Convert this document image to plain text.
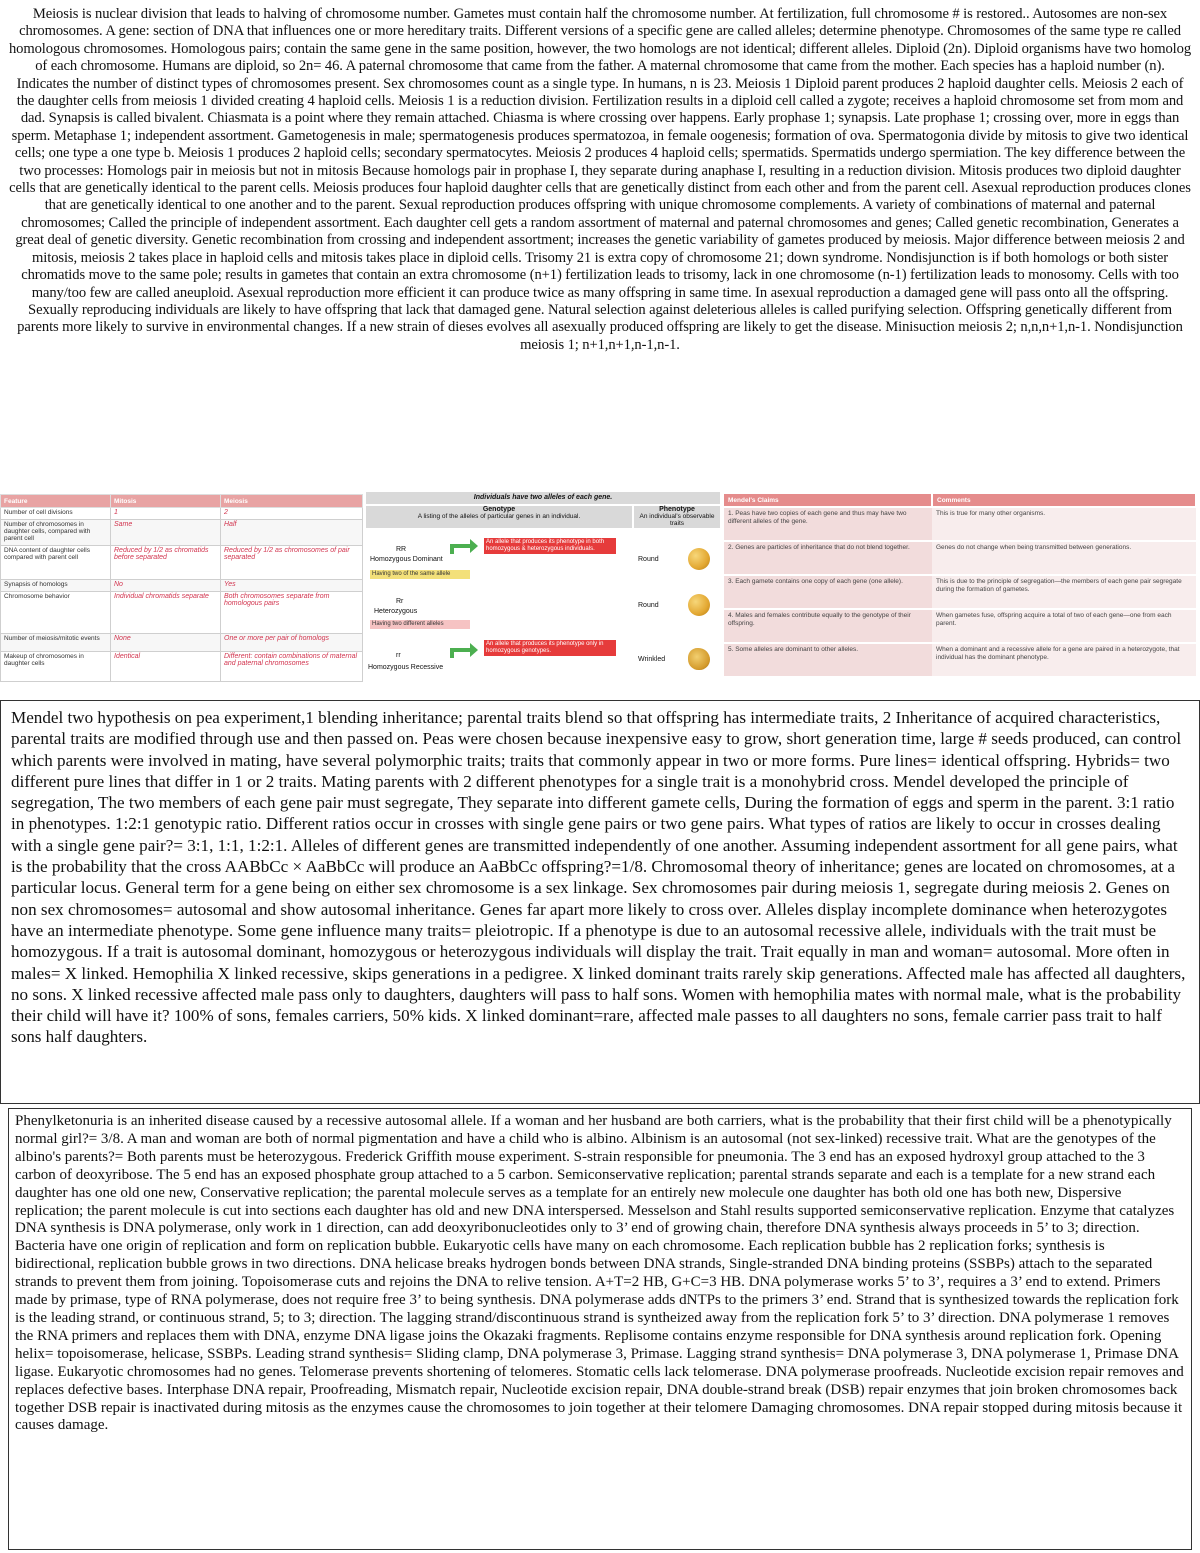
Meiosis is nuclear division that leads to halving of chromosome number. Gametes must contain half the chromosome number. At fertilization, full chromosome # is restored.. Autosomes are non-sex chromosomes. A gene: section of DNA that influences one or more hereditary traits. Different versions of a specific gene are called alleles; determine phenotype. Chromosomes of the same type re called homologous chromosomes. Homologous pairs; contain the same gene in the same position, however, the two homologs are not identical; different alleles. Diploid (2n). Diploid organisms have two homolog of each chromosome. Humans are diploid, so 2n= 46. A paternal chromosome that came from the father. A maternal chromosome that came from the mother. Each species has a haploid number (n). Indicates the number of distinct types of chromosomes present. Sex chromosomes count as a single type. In humans, n is 23. Meiosis 1 Diploid parent produces 2 haploid daughter cells. Meiosis 2 each of the daughter cells from meiosis 1 divided creating 4 haploid cells. Meiosis 1 is a reduction division. Fertilization results in a diploid cell called a zygote; receives a haploid chromosome set from mom and dad. Synapsis is called bivalent. Chiasmata is a point where they remain attached. Chiasma is where crossing over happens. Early prophase 1; synapsis. Late prophase 1; crossing over, more in eggs than sperm. Metaphase 1; independent assortment. Gametogenesis in male; spermatogenesis produces spermatozoa, in female oogenesis; formation of ova. Spermatogonia divide by mitosis to give two identical cells; one type a one type b. Meiosis 1 produces 2 haploid cells; secondary spermatocytes. Meiosis 2 produces 4 haploid cells; spermatids. Spermatids undergo spermiation. The key difference between the two processes: Homologs pair in meiosis but not in mitosis Because homologs pair in prophase I, they separate during anaphase I, resulting in a reduction division. Mitosis produces two diploid daughter cells that are genetically identical to the parent cells. Meiosis produces four haploid daughter cells that are genetically distinct from each other and from the parent cell. Asexual reproduction produces clones that are genetically identical to one another and to the parent. Sexual reproduction produces offspring with unique chromosome complements. A variety of combinations of maternal and paternal chromosomes; Called the principle of independent assortment. Each daughter cell gets a random assortment of maternal and paternal chromosomes and genes; Called genetic recombination, Generates a great deal of genetic diversity. Genetic recombination from crossing and independent assortment; increases the genetic variability of gametes produced by meiosis. Major difference between meiosis 2 and mitosis, meiosis 2 takes place in haploid cells and mitosis takes place in diploid cells. Trisomy 21 is extra copy of chromosome 21; down syndrome. Nondisjunction is if both homologs or both sister chromatids move to the same pole; results in gametes that contain an extra chromosome (n+1) fertilization leads to trisomy, lack in one chromosome (n-1) fertilization leads to monosomy. Cells with too many/too few are called aneuploid. Asexual reproduction more efficient it can produce twice as many offspring in same time. In asexual reproduction a damaged gene will pass onto all the offspring. Sexually reproducing individuals are likely to have offspring that lack that damaged gene. Natural selection against deleterious alleles is called purifying selection. Offspring genetically different from parents more likely to survive in environmental changes. If a new strain of dieses evolves all asexually produced offspring are likely to get the disease. Minisuction meiosis 2; n,n,n+1,n-1. Nondisjunction meiosis 1; n+1,n+1,n-1,n-1.

Feature	Mitosis	Meiosis
Number of cell divisions	1	2
Number of chromosomes in daughter cells, compared with parent cell	Same	Half
DNA content of daughter cells compared with parent cell	Reduced by 1/2 as chromatids before separated	Reduced by 1/2 as chromosomes of pair separated
Synapsis of homologs	No	Yes
Chromosome behavior	Individual chromatids separate	Both chromosomes separate from homologous pairs
Number of meiosis/mitotic events	None	One or more per pair of homologs
Makeup of chromosomes in daughter cells	Identical	Different: contain combinations of maternal and paternal chromosomes
Individuals have two alleles of each gene.
Genotype
A listing of the alleles of particular genes in an individual.
Phenotype
An individual's observable traits
RR
Homozygous Dominant
An allele that produces its phenotype in both homozygous & heterozygous individuals.
Having two of the same allele
Round
Rr
Heterozygous
Having two different alleles
Round
rr
Homozygous Recessive
An allele that produces its phenotype only in homozygous genotypes.
Wrinkled
Mendel's Claims	Comments
1. Peas have two copies of each gene and thus may have two different alleles of the gene.	This is true for many other organisms.
2. Genes are particles of inheritance that do not blend together.	Genes do not change when being transmitted between generations.
3. Each gamete contains one copy of each gene (one allele).	This is due to the principle of segregation—the members of each gene pair segregate during the formation of gametes.
4. Males and females contribute equally to the genotype of their offspring.	When gametes fuse, offspring acquire a total of two of each gene—one from each parent.
5. Some alleles are dominant to other alleles.	When a dominant and a recessive allele for a gene are paired in a heterozygote, that individual has the dominant phenotype.

Mendel two hypothesis on pea experiment,1 blending inheritance; parental traits blend so that offspring has intermediate traits, 2 Inheritance of acquired characteristics, parental traits are modified through use and then passed on. Peas were chosen because inexpensive easy to grow, short generation time, large # seeds produced, can control which parents were involved in mating, have several polymorphic traits; traits that commonly appear in two or more forms. Pure lines= identical offspring. Hybrids= two different pure lines that differ in 1 or 2 traits. Mating parents with 2 different phenotypes for a single trait is a monohybrid cross. Mendel developed the principle of segregation, The two members of each gene pair must segregate, They separate into different gamete cells, During the formation of eggs and sperm in the parent. 3:1 ratio in phenotypes. 1:2:1 genotypic ratio. Different ratios occur in crosses with single gene pairs or two gene pairs. What types of ratios are likely to occur in crosses dealing with a single gene pair?= 3:1, 1:1, 1:2:1. Alleles of different genes are transmitted independently of one another. Assuming independent assortment for all gene pairs, what is the probability that the cross AABbCc × AaBbCc will produce an AaBbCc offspring?=1/8. Chromosomal theory of inheritance; genes are located on chromosomes, at a particular locus. General term for a gene being on either sex chromosome is a sex linkage. Sex chromosomes pair during meiosis 1, segregate during meiosis 2. Genes on non sex chromosomes= autosomal and show autosomal inheritance. Genes far apart more likely to cross over. Alleles display incomplete dominance when heterozygotes have an intermediate phenotype. Some gene influence many traits= pleiotropic. If a phenotype is due to an autosomal recessive allele, individuals with the trait must be homozygous. If a trait is autosomal dominant, homozygous or heterozygous individuals will display the trait. Trait equally in man and woman= autosomal. More often in males= X linked. Hemophilia X linked recessive, skips generations in a pedigree. X linked dominant traits rarely skip generations. Affected male has affected all daughters, no sons. X linked recessive affected male pass only to daughters, daughters will pass to half sons. Women with hemophilia mates with normal male, what is the probability their child will have it? 100% of sons, females carriers, 50% kids. X linked dominant=rare, affected male passes to all daughters no sons, female carrier pass trait to half sons half daughters.

Phenylketonuria is an inherited disease caused by a recessive autosomal allele. If a woman and her husband are both carriers, what is the probability that their first child will be a phenotypically normal girl?= 3/8. A man and woman are both of normal pigmentation and have a child who is albino. Albinism is an autosomal (not sex-linked) recessive trait. What are the genotypes of the albino's parents?= Both parents must be heterozygous. Frederick Griffith mouse experiment. S-strain responsible for pneumonia. The 3 end has an exposed hydroxyl group attached to the 3 carbon of deoxyribose. The 5 end has an exposed phosphate group attached to a 5 carbon. Semiconservative replication; parental strands separate and each is a template for a new strand each daughter has one old one new, Conservative replication; the parental molecule serves as a template for an entirely new molecule one daughter has both old one has both new, Dispersive replication; the parent molecule is cut into sections each daughter has old and new DNA interspersed. Messelson and Stahl results supported semiconservative replication. Enzyme that catalyzes DNA synthesis is DNA polymerase, only work in 1 direction, can add deoxyribonucleotides only to 3’ end of growing chain, therefore DNA synthesis always proceeds in 5’ to 3; direction. Bacteria have one origin of replication and form on replication bubble. Eukaryotic cells have many on each chromosome. Each replication bubble has 2 replication forks; synthesis is bidirectional, replication bubble grows in two directions. DNA helicase breaks hydrogen bonds between DNA strands, Single-stranded DNA binding proteins (SSBPs) attach to the separated strands to prevent them from joining. Topoisomerase cuts and rejoins the DNA to relive tension. A+T=2 HB, G+C=3 HB. DNA polymerase works 5’ to 3’, requires a 3’ end to extend. Primers made by primase, type of RNA polymerase, does not require free 3’ to being synthesis. DNA polymerase adds dNTPs to the primers 3’ end. Strand that is synthesized towards the replication fork is the leading strand, or continuous strand, 5; to 3; direction. The lagging strand/discontinuous strand is syntheized away from the replication fork 5’ to 3’ direction. DNA polymerase 1 removes the RNA primers and replaces them with DNA, enzyme DNA ligase joins the Okazaki fragments. Replisome contains enzyme responsible for DNA synthesis around replication fork. Opening helix= topoisomerase, helicase, SSBPs. Leading strand synthesis= Sliding clamp, DNA polymerase 3, Primase. Lagging strand synthesis= DNA polymerase 3, DNA polymerase 1, Primase DNA ligase. Eukaryotic chromosomes had no genes. Telomerase prevents shortening of telomeres. Stomatic cells lack telomerase. DNA polymerase proofreads. Nucleotide excision repair removes and replaces defective bases. Interphase DNA repair, Proofreading, Mismatch repair, Nucleotide excision repair, DNA double-strand break (DSB) repair enzymes that join broken chromosomes back together DSB repair is inactivated during mitosis as the enzymes cause the chromosomes to join together at their telomere Damaging chromosomes. DNA repair stopped during mitosis because it causes damage.
